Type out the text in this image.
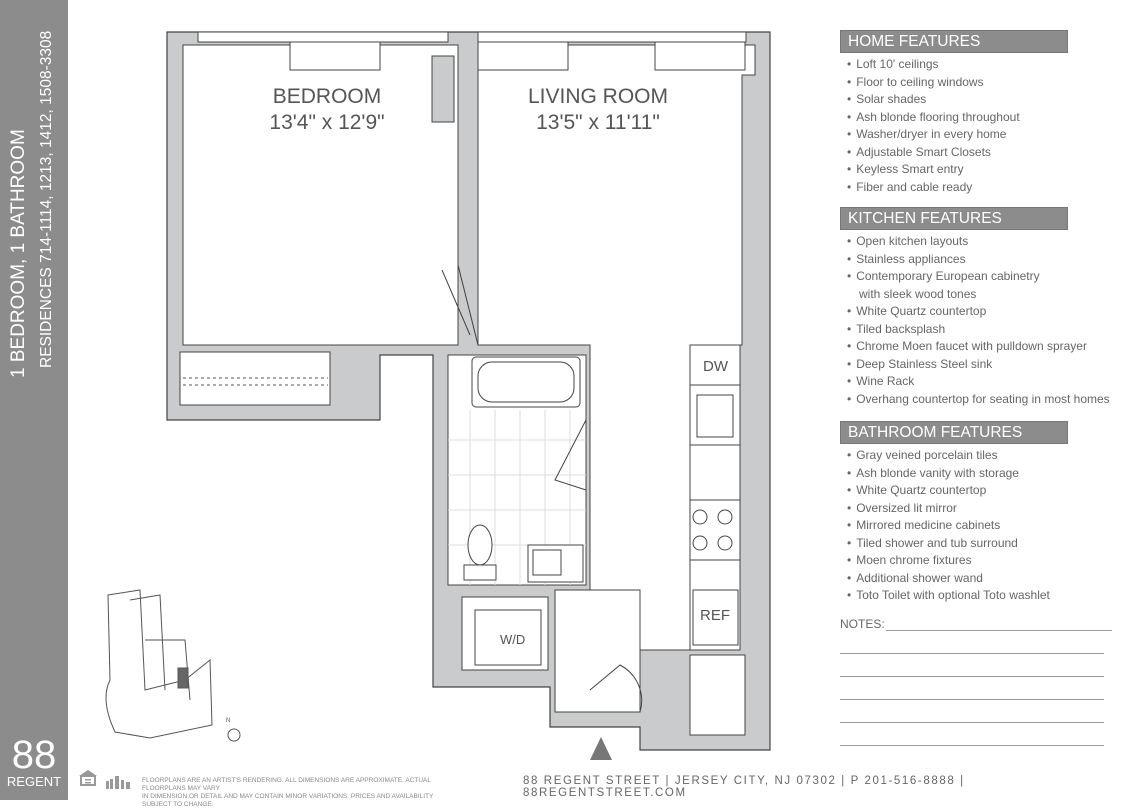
1 BEDROOM, 1 BATHROOM RESIDENCES 714-1114, 1213, 1412, 1508-3308
88
REGENT
N
BEDROOM
13'4" x 12'9"
LIVING ROOM
13'5" x 11'11"
DW
REF
W/D
HOME FEATURES
• Loft 10' ceilings
• Floor to ceiling windows
• Solar shades
• Ash blonde flooring throughout
• Washer/dryer in every home
• Adjustable Smart Closets
• Keyless Smart entry
• Fiber and cable ready
KITCHEN FEATURES
• Open kitchen layouts
• Stainless appliances
• Contemporary European cabinetry
with sleek wood tones
• White Quartz countertop
• Tiled backsplash
• Chrome Moen faucet with pulldown sprayer
• Deep Stainless Steel sink
• Wine Rack
• Overhang countertop for seating in most homes
BATHROOM FEATURES
• Gray veined porcelain tiles
• Ash blonde vanity with storage
• White Quartz countertop
• Oversized lit mirror
• Mirrored medicine cabinets
• Tiled shower and tub surround
• Moen chrome fixtures
• Additional shower wand
• Toto Toilet with optional Toto washlet
NOTES:
FLOORPLANS ARE AN ARTIST'S RENDERING. ALL DIMENSIONS ARE APPROXIMATE. ACTUAL FLOORPLANS MAY VARY
IN DIMENSION OR DETAIL AND MAY CONTAIN MINOR VARIATIONS. PRICES AND AVAILABILITY SUBJECT TO CHANGE.
88 REGENT STREET | JERSEY CITY, NJ 07302 | P 201-516-8888 | 88REGENTSTREET.COM
